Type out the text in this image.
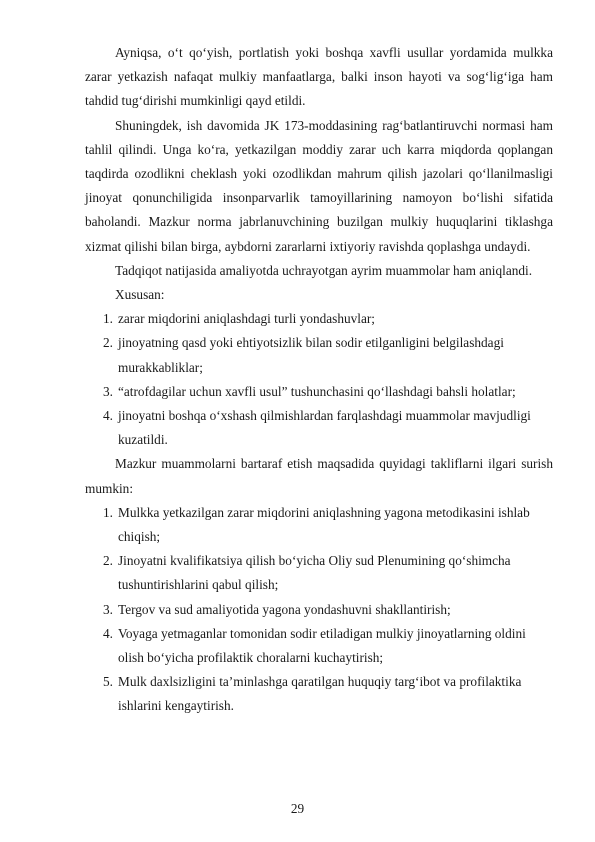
Ayniqsa, o‘t qo‘yish, portlatish yoki boshqa xavfli usullar yordamida mulkka zarar yetkazish nafaqat mulkiy manfaatlarga, balki inson hayoti va sog‘lig‘iga ham tahdid tug‘dirishi mumkinligi qayd etildi.

Shuningdek, ish davomida JK 173-moddasining rag‘batlantiruvchi normasi ham tahlil qilindi. Unga ko‘ra, yetkazilgan moddiy zarar uch karra miqdorda qoplangan taqdirda ozodlikni cheklash yoki ozodlikdan mahrum qilish jazolari qo‘llanilmasligi jinoyat qonunchiligida insonparvarlik tamoyillarining namoyon bo‘lishi sifatida baholandi. Mazkur norma jabrlanuvchining buzilgan mulkiy huquqlarini tiklashga xizmat qilishi bilan birga, aybdorni zararlarni ixtiyoriy ravishda qoplashga undaydi.

Tadqiqot natijasida amaliyotda uchrayotgan ayrim muammolar ham aniqlandi.

Xususan:

1. zarar miqdorini aniqlashdagi turli yondashuvlar;
2. jinoyatning qasd yoki ehtiyotsizlik bilan sodir etilganligini belgilashdagi murakkabliklar;
3. “atrofdagilar uchun xavfli usul” tushunchasini qo‘llashdagi bahsli holatlar;
4. jinoyatni boshqa o‘xshash qilmishlardan farqlashdagi muammolar mavjudligi kuzatildi.

Mazkur muammolarni bartaraf etish maqsadida quyidagi takliflarni ilgari surish mumkin:

1. Mulkka yetkazilgan zarar miqdorini aniqlashning yagona metodikasini ishlab chiqish;
2. Jinoyatni kvalifikatsiya qilish bo‘yicha Oliy sud Plenumining qo‘shimcha tushuntirishlarini qabul qilish;
3. Tergov va sud amaliyotida yagona yondashuvni shakllantirish;
4. Voyaga yetmaganlar tomonidan sodir etiladigan mulkiy jinoyatlarning oldini olish bo‘yicha profilaktik choralarni kuchaytirish;
5. Mulk daxlsizligini ta’minlashga qaratilgan huquqiy targ‘ibot va profilaktika ishlarini kengaytirish.
29
